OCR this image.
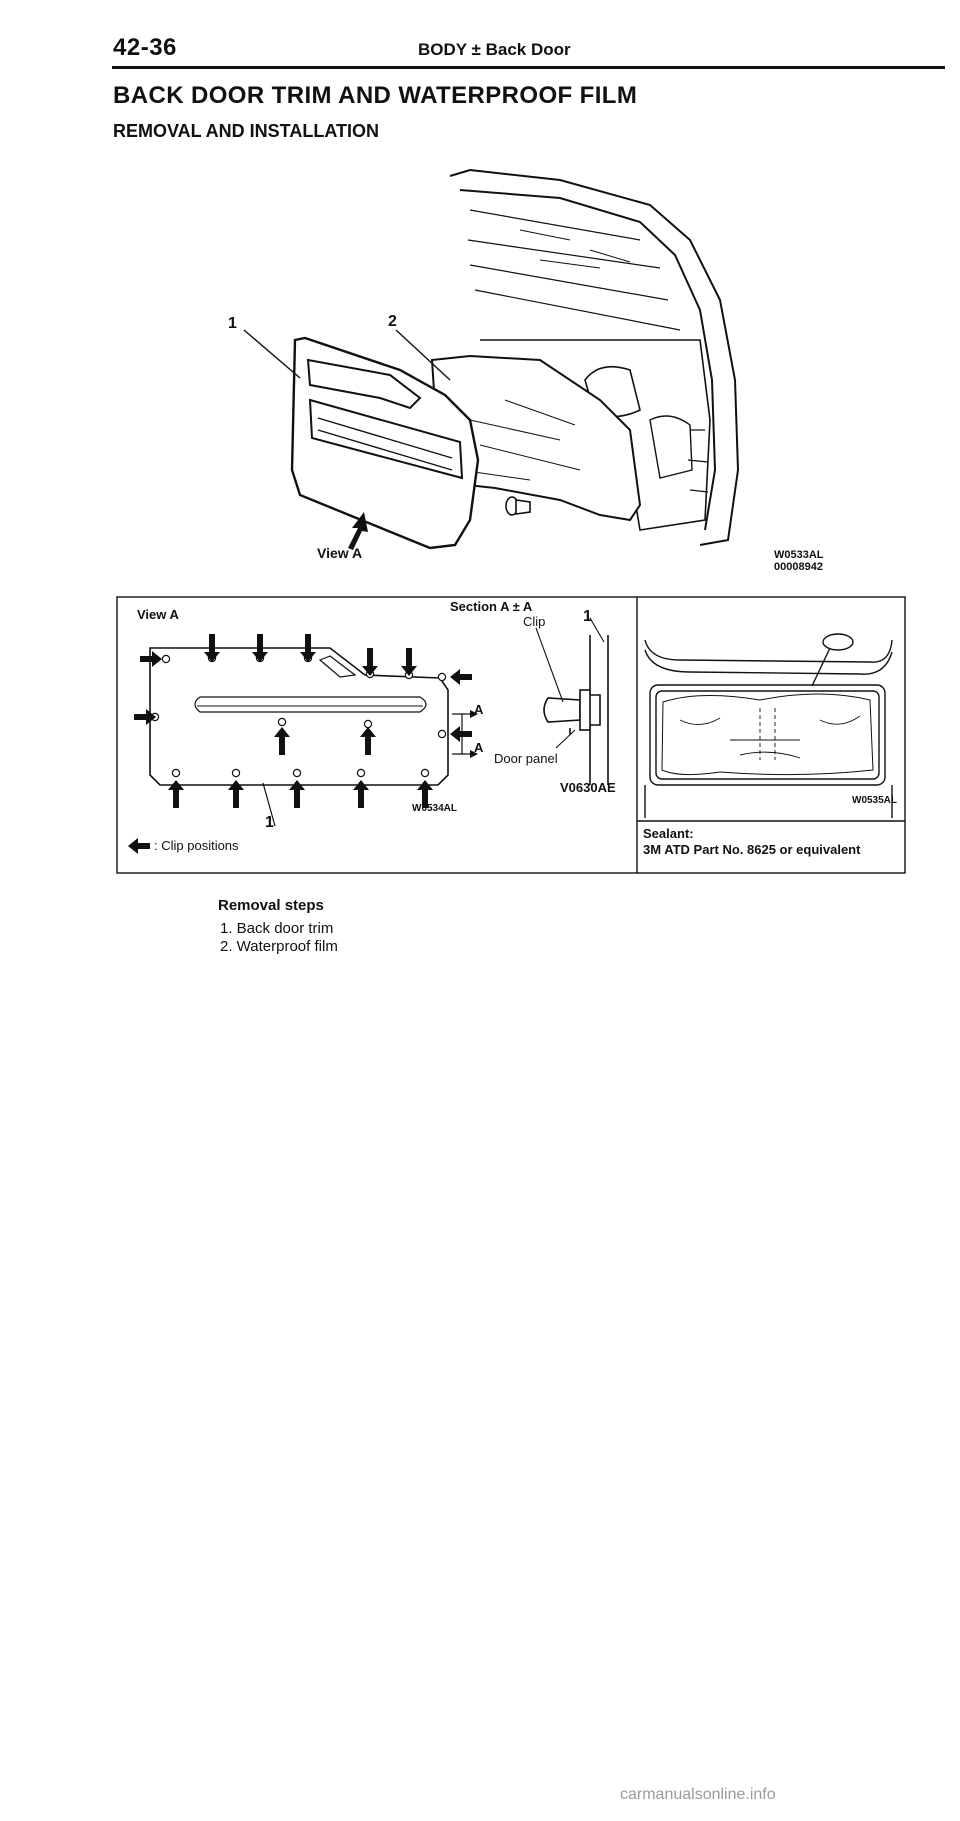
42-36	BODY ± Back Door
BACK DOOR TRIM AND WATERPROOF FILM
REMOVAL AND INSTALLATION
1	2
View A	W0533AL
00008942
View A
Section A ± A
Clip 1
Door panel
V0630AE
W0534AL
A
A
1
: Clip positions
W0535AL
Sealant:
3M ATD Part No. 8625 or equivalent
Removal steps
1. Back door trim
2. Waterproof film
carmanualsonline.info
